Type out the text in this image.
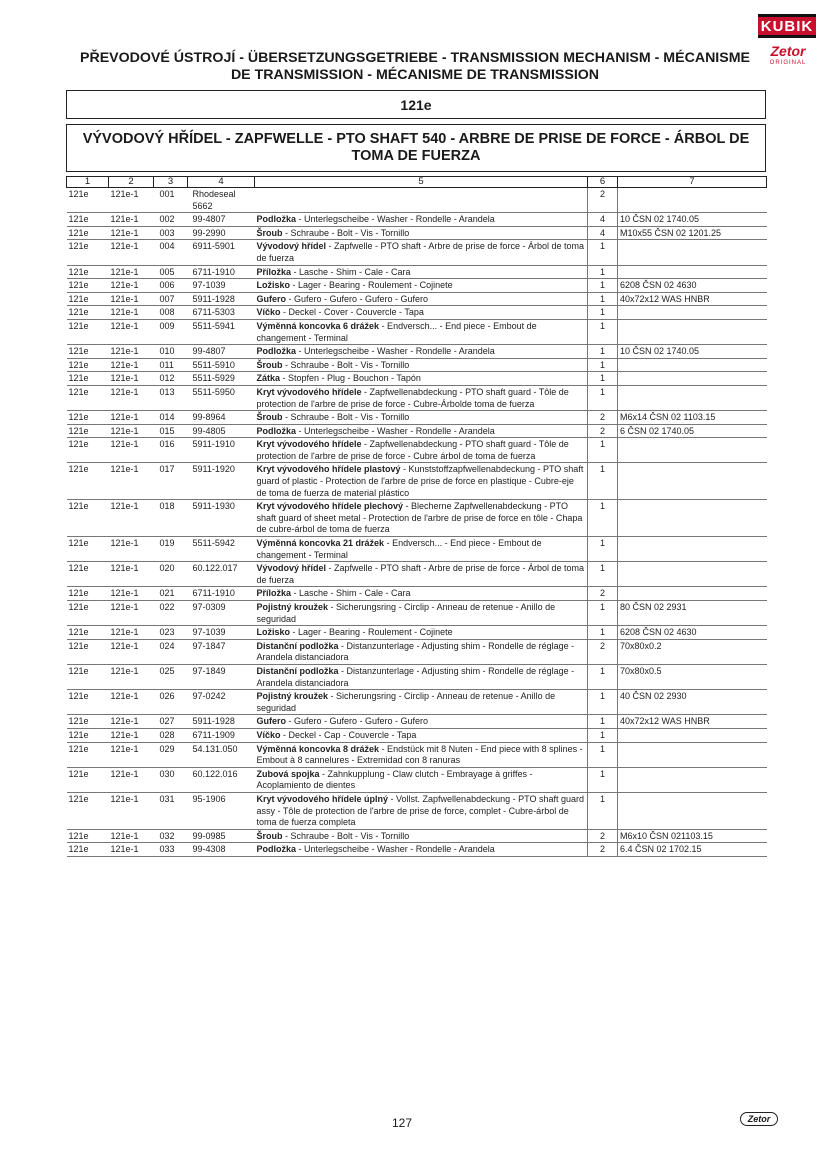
KUBIK
Zetor
ORIGINAL
PŘEVODOVÉ ÚSTROJÍ - ÜBERSETZUNGSGETRIEBE - TRANSMISSION MECHANISM - MÉCANISME DE TRANSMISSION - MÉCANISME DE TRANSMISSION
121e
VÝVODOVÝ HŘÍDEL - ZAPFWELLE - PTO SHAFT 540 - ARBRE DE PRISE DE FORCE - ÁRBOL DE TOMA DE FUERZA
1	2	3	4	5	6	7
121e	121e-1	001	Rhodeseal 5662		2	
121e	121e-1	002	99-4807	Podložka - Unterlegscheibe - Washer - Rondelle - Arandela	4	10 ČSN 02 1740.05
121e	121e-1	003	99-2990	Šroub - Schraube - Bolt - Vis - Tornillo	4	M10x55 ČSN 02 1201.25
121e	121e-1	004	6911-5901	Vývodový hřídel - Zapfwelle - PTO shaft - Arbre de prise de force - Árbol de toma de fuerza	1	
121e	121e-1	005	6711-1910	Příložka - Lasche - Shim - Cale - Cara	1	
121e	121e-1	006	97-1039	Ložisko - Lager - Bearing - Roulement - Cojinete	1	6208 ČSN 02 4630
121e	121e-1	007	5911-1928	Gufero - Gufero - Gufero - Gufero - Gufero	1	40x72x12 WAS HNBR
121e	121e-1	008	6711-5303	Víčko - Deckel - Cover - Couvercle - Tapa	1	
121e	121e-1	009	5511-5941	Výměnná koncovka 6 drážek - Endversch... - End piece - Embout de changement - Terminal	1	
121e	121e-1	010	99-4807	Podložka - Unterlegscheibe - Washer - Rondelle - Arandela	1	10 ČSN 02 1740.05
121e	121e-1	011	5511-5910	Šroub - Schraube - Bolt - Vis - Tornillo	1	
121e	121e-1	012	5511-5929	Zátka - Stopfen - Plug - Bouchon - Tapón	1	
121e	121e-1	013	5511-5950	Kryt vývodového hřídele - Zapfwellenabdeckung - PTO shaft guard - Tôle de protection de l'arbre de prise de force - Cubre-Árbolde toma de fuerza	1	
121e	121e-1	014	99-8964	Šroub - Schraube - Bolt - Vis - Tornillo	2	M6x14 ČSN 02 1103.15
121e	121e-1	015	99-4805	Podložka - Unterlegscheibe - Washer - Rondelle - Arandela	2	6 ČSN 02 1740.05
121e	121e-1	016	5911-1910	Kryt vývodového hřídele - Zapfwellenabdeckung - PTO shaft guard - Tôle de protection de l'arbre de prise de force - Cubre árbol de toma de fuerza	1	
121e	121e-1	017	5911-1920	Kryt vývodového hřídele plastový - Kunststoffzapfwellenabdeckung - PTO shaft guard of plastic - Protection de l'arbre de prise de force en plastique - Cubre-eje de toma de fuerza de material plástico	1	
121e	121e-1	018	5911-1930	Kryt vývodového hřídele plechový - Blecherne Zapfwellenabdeckung - PTO shaft guard of sheet metal - Protection de l'arbre de prise de force en tôle - Chapa de cubre-árbol de toma de fuerza	1	
121e	121e-1	019	5511-5942	Výměnná koncovka 21 drážek - Endversch... - End piece - Embout de changement - Terminal	1	
121e	121e-1	020	60.122.017	Vývodový hřídel - Zapfwelle - PTO shaft - Arbre de prise de force - Árbol de toma de fuerza	1	
121e	121e-1	021	6711-1910	Příložka - Lasche - Shim - Cale - Cara	2	
121e	121e-1	022	97-0309	Pojistný kroužek - Sicherungsring - Circlip - Anneau de retenue - Anillo de seguridad	1	80 ČSN 02 2931
121e	121e-1	023	97-1039	Ložisko - Lager - Bearing - Roulement - Cojinete	1	6208 ČSN 02 4630
121e	121e-1	024	97-1847	Distanční podložka - Distanzunterlage - Adjusting shim - Rondelle de réglage - Arandela distanciadora	2	70x80x0.2
121e	121e-1	025	97-1849	Distanční podložka - Distanzunterlage - Adjusting shim - Rondelle de réglage - Arandela distanciadora	1	70x80x0.5
121e	121e-1	026	97-0242	Pojistný kroužek - Sicherungsring - Circlip - Anneau de retenue - Anillo de seguridad	1	40 ČSN 02 2930
121e	121e-1	027	5911-1928	Gufero - Gufero - Gufero - Gufero - Gufero	1	40x72x12 WAS HNBR
121e	121e-1	028	6711-1909	Víčko - Deckel - Cap - Couvercle - Tapa	1	
121e	121e-1	029	54.131.050	Výměnná koncovka 8 drážek - Endstück mit 8 Nuten - End piece with 8 splines - Embout à 8 cannelures - Extremidad con 8 ranuras	1	
121e	121e-1	030	60.122.016	Zubová spojka - Zahnkupplung - Claw clutch - Embrayage à griffes - Acoplamiento de dientes	1	
121e	121e-1	031	95-1906	Kryt vývodového hřídele úplný - Vollst. Zapfwellenabdeckung - PTO shaft guard assy - Tôle de protection de l'arbre de prise de force, complet - Cubre-árbol de toma de fuerza completa	1	
121e	121e-1	032	99-0985	Šroub - Schraube - Bolt - Vis - Tornillo	2	M6x10 ČSN 021103.15
121e	121e-1	033	99-4308	Podložka - Unterlegscheibe - Washer - Rondelle - Arandela	2	6.4 ČSN 02 1702.15
127	Zetor
